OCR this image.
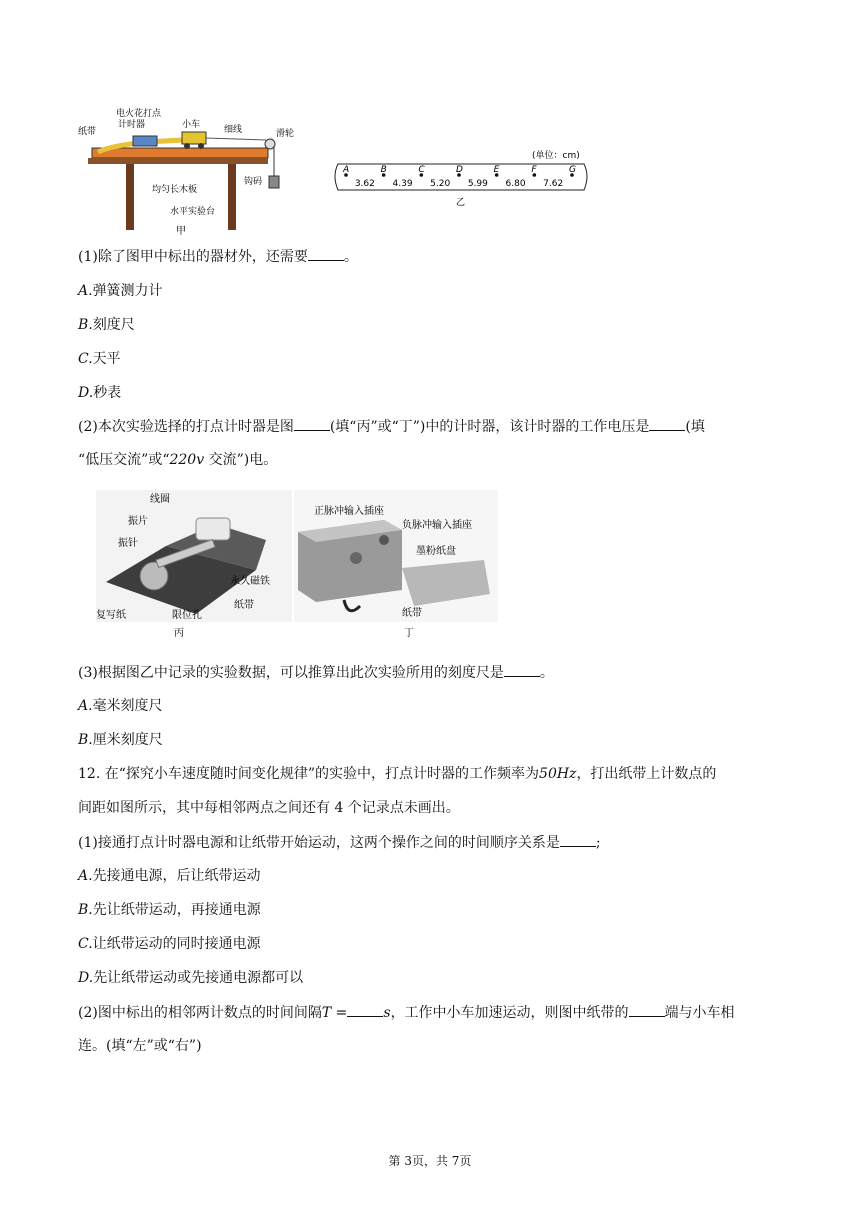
纸带
电火花打点
计时器	小车	细线	滑轮
均匀长木板
钩码
水平实验台
甲
(单位：cm)
A	B	C	D	E	F	G
3.62 4.39 5.20 5.99 6.80 7.62
乙
(1)除了图甲中标出的器材外，还需要	。
A.弹簧测力计
B.刻度尺
C.天平
D.秒表
(2)本次实验选择的打点计时器是图	(填“丙”或“丁”)中的计时器，该计时器的工作电压是	(填
“低压交流”或“220v 交流”)电。
线圈
振片
振针
永久磁铁
纸带
复写纸	限位孔
丙
正脉冲输入插座
负脉冲输入插座
墨粉纸盘
纸带
丁
(3)根据图乙中记录的实验数据，可以推算出此次实验所用的刻度尺是	。
A.毫米刻度尺
B.厘米刻度尺
12. 在“探究小车速度随时间变化规律”的实验中，打点计时器的工作频率为50Hz，打出纸带上计数点的
间距如图所示，其中每相邻两点之间还有 4 个记录点未画出。
(1)接通打点计时器电源和让纸带开始运动，这两个操作之间的时间顺序关系是	;
A.先接通电源，后让纸带运动
B.先让纸带运动，再接通电源
C.让纸带运动的同时接通电源
D.先让纸带运动或先接通电源都可以
(2)图中标出的相邻两计数点的时间间隔T =	s，工作中小车加速运动，则图中纸带的	端与小车相
连。(填“左”或“右”)
第 3页，共 7页
